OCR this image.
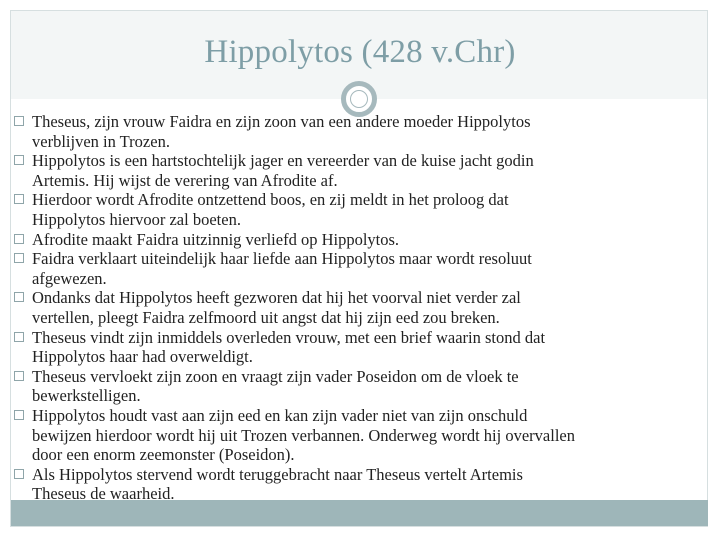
Hippolytos (428 v.Chr)
Theseus, zijn vrouw Faidra en zijn zoon van een andere moeder Hippolytos
verblijven in Trozen.
Hippolytos is een hartstochtelijk jager en vereerder van de kuise jacht godin
Artemis. Hij wijst de verering van Afrodite af.
Hierdoor wordt Afrodite ontzettend boos, en zij meldt in het proloog dat
Hippolytos hiervoor zal boeten.
Afrodite maakt Faidra uitzinnig verliefd op Hippolytos.
Faidra verklaart uiteindelijk haar liefde aan Hippolytos maar wordt resoluut
afgewezen.
Ondanks dat Hippolytos heeft gezworen dat hij het voorval niet verder zal
vertellen, pleegt Faidra zelfmoord uit angst dat hij zijn eed zou breken.
Theseus vindt zijn inmiddels overleden vrouw, met een brief waarin stond dat
Hippolytos haar had overweldigt.
Theseus vervloekt zijn zoon en vraagt zijn vader Poseidon om de vloek te
bewerkstelligen.
Hippolytos houdt vast aan zijn eed en kan zijn vader niet van zijn onschuld
bewijzen hierdoor wordt hij uit Trozen verbannen. Onderweg wordt hij overvallen
door een enorm zeemonster (Poseidon).
Als Hippolytos stervend wordt teruggebracht naar Theseus vertelt Artemis
Theseus de waarheid.
